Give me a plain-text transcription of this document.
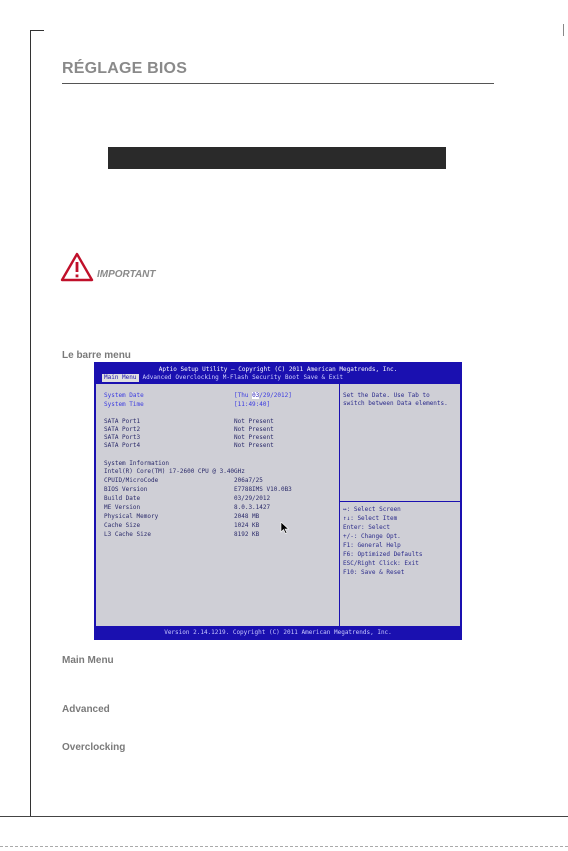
RÉGLAGE BIOS
IMPORTANT
Le barre menu
Aptio Setup Utility – Copyright (C) 2011 American Megatrends, Inc.
Main Menu	Advanced Overclocking M-Flash Security Boot Save & Exit
System Date	[Thu 03/29/2012]
System Time	[11:49:40]
SATA Port1	Not Present
SATA Port2	Not Present
SATA Port3	Not Present
SATA Port4	Not Present
System Information
Intel(R) Core(TM) i7-2600 CPU @ 3.40GHz
CPUID/MicroCode	206a7/25
BIOS Version	E7788IMS V10.0B3
Build Date	03/29/2012
ME Version	8.0.3.1427
Physical Memory	2048 MB
Cache Size	1024 KB
L3 Cache Size	8192 KB
Set the Date. Use Tab to
switch between Data elements.
↔: Select Screen
↑↓: Select Item
Enter: Select
+/-: Change Opt.
F1: General Help
F6: Optimized Defaults
ESC/Right Click: Exit
F10: Save & Reset
Version 2.14.1219. Copyright (C) 2011 American Megatrends, Inc.
Main Menu
Advanced
Overclocking
